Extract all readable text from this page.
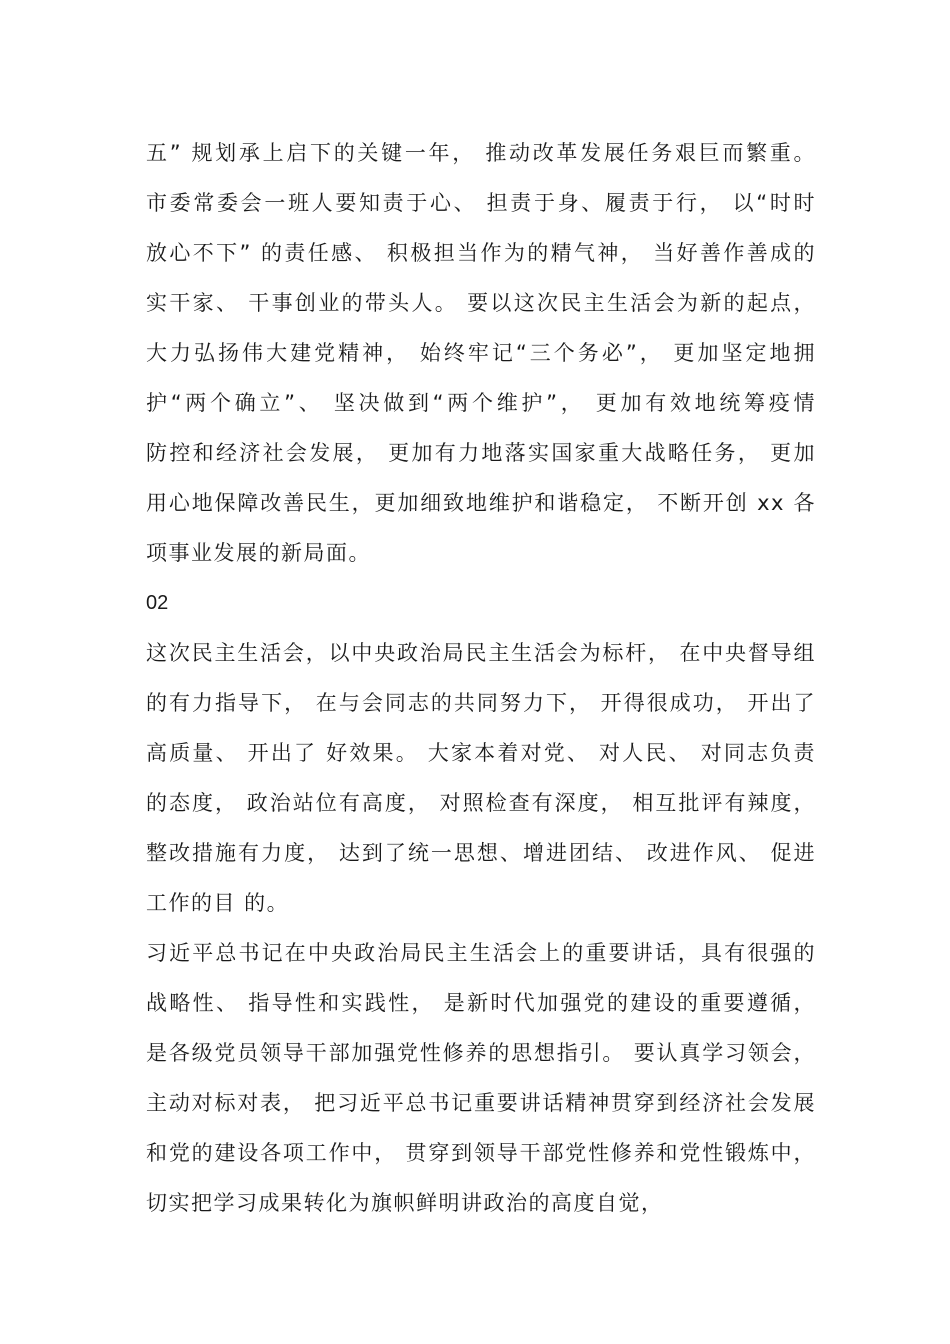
五” 规划承上启下的关键一年， 推动改革发展任务艰巨而繁重。
市委常委会一班人要知责于心、 担责于身、履责于行， 以“时时
放心不下” 的责任感、 积极担当作为的精气神， 当好善作善成的
实干家、 干事创业的带头人。 要以这次民主生活会为新的起点，
大力弘扬伟大建党精神， 始终牢记“三个务必”， 更加坚定地拥
护“两个确立”、 坚决做到“两个维护”， 更加有效地统筹疫情
防控和经济社会发展， 更加有力地落实国家重大战略任务， 更加
用心地保障改善民生，更加细致地维护和谐稳定， 不断开创 xx 各
项事业发展的新局面。
02
这次民主生活会，以中央政治局民主生活会为标杆， 在中央督导组
的有力指导下， 在与会同志的共同努力下， 开得很成功， 开出了
高质量、 开出了 好效果。 大家本着对党、 对人民、 对同志负责
的态度， 政治站位有高度， 对照检查有深度， 相互批评有辣度，
整改措施有力度， 达到了统一思想、增进团结、 改进作风、 促进
工作的目 的。
习近平总书记在中央政治局民主生活会上的重要讲话，具有很强的
战略性、 指导性和实践性， 是新时代加强党的建设的重要遵循，
是各级党员领导干部加强党性修养的思想指引。 要认真学习领会，
主动对标对表， 把习近平总书记重要讲话精神贯穿到经济社会发展
和党的建设各项工作中， 贯穿到领导干部党性修养和党性锻炼中，
切实把学习成果转化为旗帜鲜明讲政治的高度自觉，
